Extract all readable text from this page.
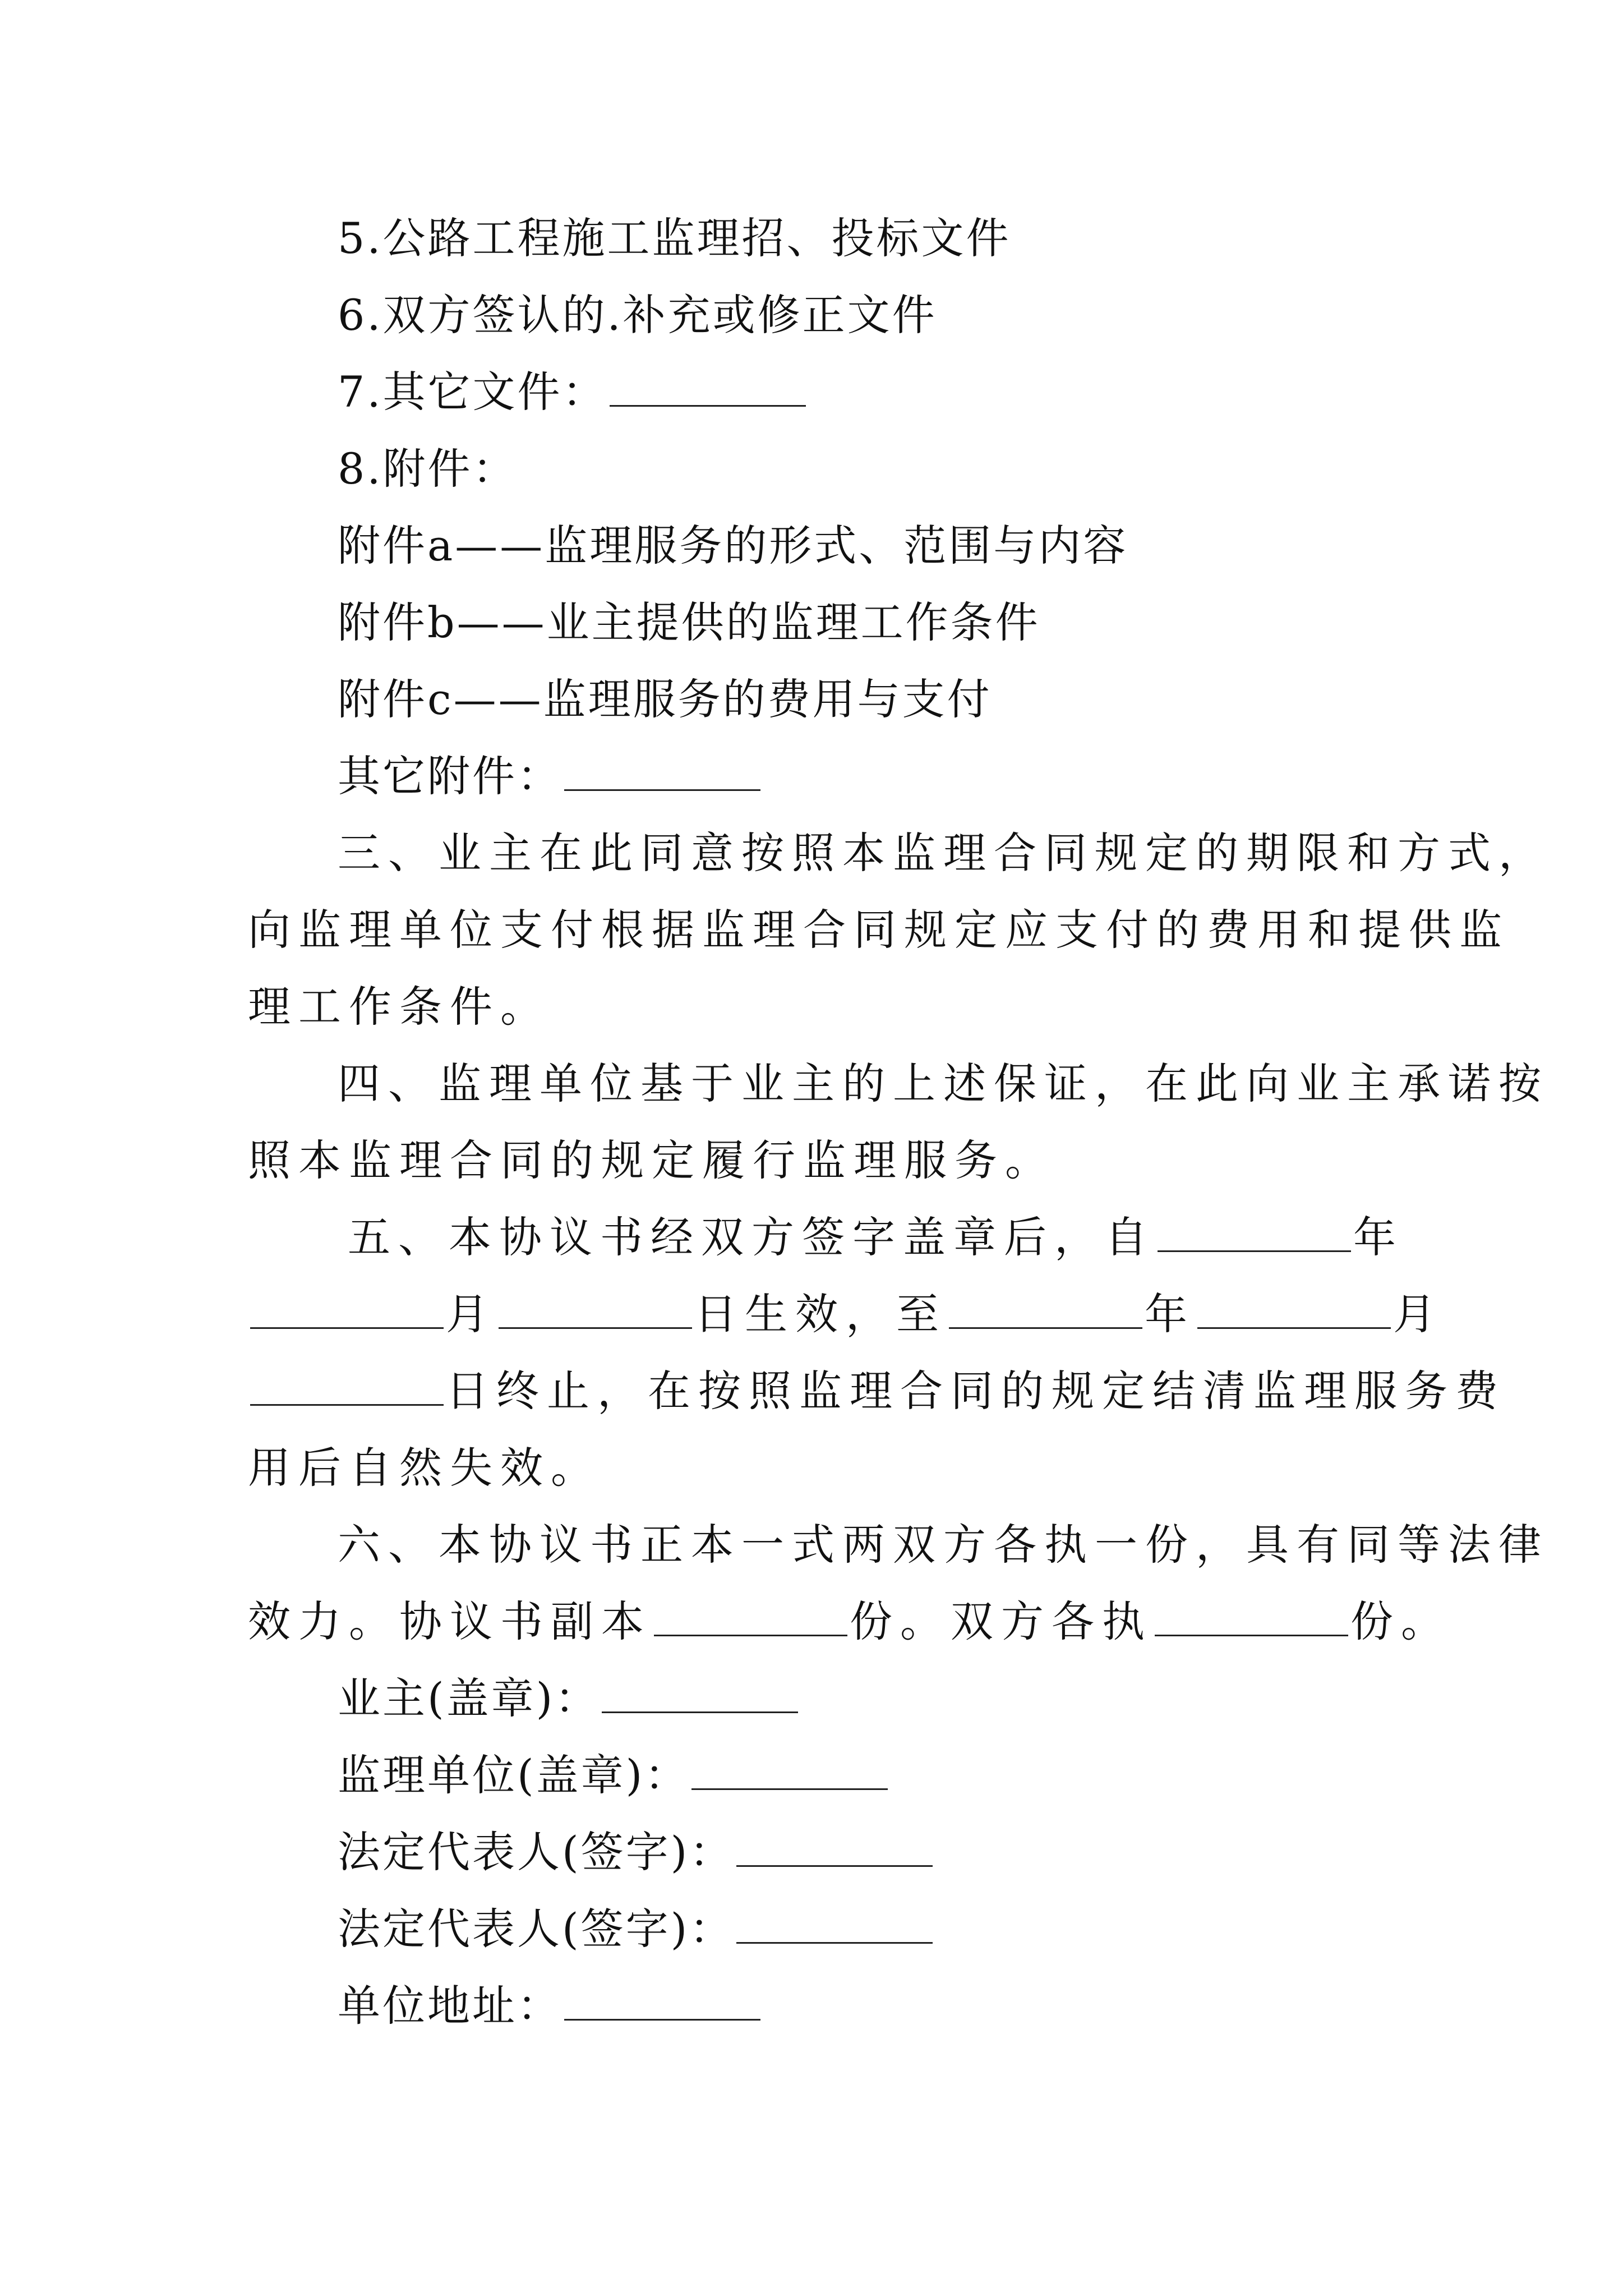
5.公路工程施工监理招、投标文件
6.双方签认的.补充或修正文件
7.其它文件：
8.附件：
附件a——监理服务的形式、范围与内容
附件b——业主提供的监理工作条件
附件c——监理服务的费用与支付
其它附件：
三、业主在此同意按照本监理合同规定的期限和方式，
向监理单位支付根据监理合同规定应支付的费用和提供监
理工作条件。
四、监理单位基于业主的上述保证，在此向业主承诺按
照本监理合同的规定履行监理服务。
五、本协议书经双方签字盖章后，自	年
月	日生效，至	年	月
日终止，在按照监理合同的规定结清监理服务费
用后自然失效。
六、本协议书正本一式两双方各执一份，具有同等法律
效力。协议书副本	份。双方各执	份。
业主(盖章)：
监理单位(盖章)：
法定代表人(签字)：
法定代表人(签字)：
单位地址：
